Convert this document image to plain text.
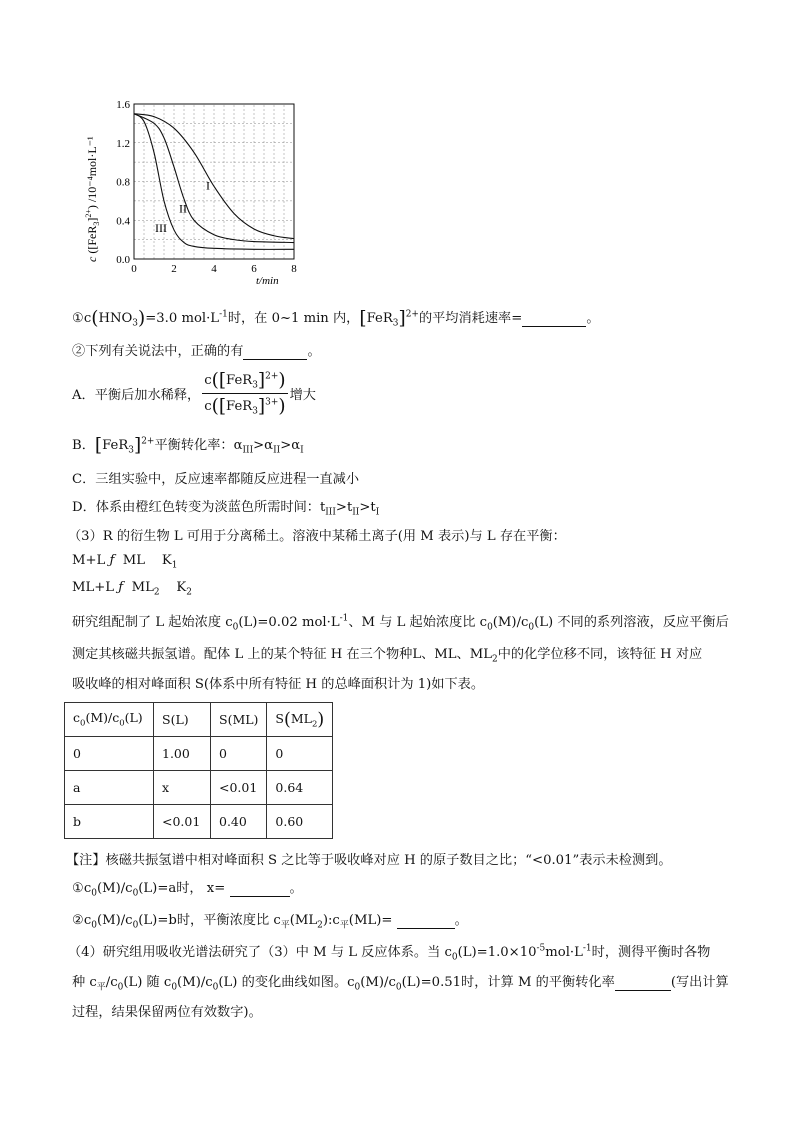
0	2	4	6	8
0.0
0.4
0.8
1.2
1.6
I
II
III
t/min
c $([FeR_3]^{2+})$ /10⁻⁴mol·L⁻¹
$①c(HNO_3)=3.0$ $mol\cdot L^{-1}$时，在 0~1 min 内，$[FeR_3]^{2+}$的平均消耗速率=	。
②下列有关说法中，正确的有	。
A．平衡后加水稀释， $\frac{c([FeR_3]^{2+})}{c([FeR_3]^{3+})}$ 增大
B．$[FeR_3]^{2+}$平衡转化率：$\alpha_{III}>\alpha_{II}>\alpha_I$
C．三组实验中，反应速率都随反应进程一直减小
D．体系由橙红色转变为淡蓝色所需时间：$t_{III}>t_{II}>t_I$
（3）R 的衍生物 L 可用于分离稀土。溶液中某稀土离子(用 M 表示)与 L 存在平衡：
M+L ƒ ML $K_1$
ML+L ƒ $ML_2$ $K_2$
研究组配制了 L 起始浓度 $c_0(L)=0.02$ $mol\cdot L^{-1}$、M 与 L 起始浓度比 $c_0(M)/c_0(L)$ 不同的系列溶液，反应平衡后
测定其核磁共振氢谱。配体 L 上的某个特征 H 在三个物种L、ML、$ML_2$中的化学位移不同，该特征 H 对应
吸收峰的相对峰面积 S(体系中所有特征 H 的总峰面积计为 1)如下表。
$c_0(M)/c_0(L)$	S(L)	S(ML)	$S(ML_2)$
0	1.00	0	0
a	x	<0.01	0.64
b	<0.01	0.40	0.60
【注】核磁共振氢谱中相对峰面积 S 之比等于吸收峰对应 H 的原子数目之比；“<0.01”表示未检测到。
$①c_0(M)/c_0(L)=a$时， x=	。
$②c_0(M)/c_0(L)=b$时，平衡浓度比 $c_平(ML_2):c_平(ML)=$	。
（4）研究组用吸收光谱法研究了（3）中 M 与 L 反应体系。当 $c_0(L)=1.0\times 10^{-5}mol\cdot L^{-1}$时，测得平衡时各物
种 $c_平/c_0(L)$ 随 $c_0(M)/c_0(L)$ 的变化曲线如图。$c_0(M)/c_0(L)=0.51$时，计算 M 的平衡转化率	(写出计算
过程，结果保留两位有效数字)。
